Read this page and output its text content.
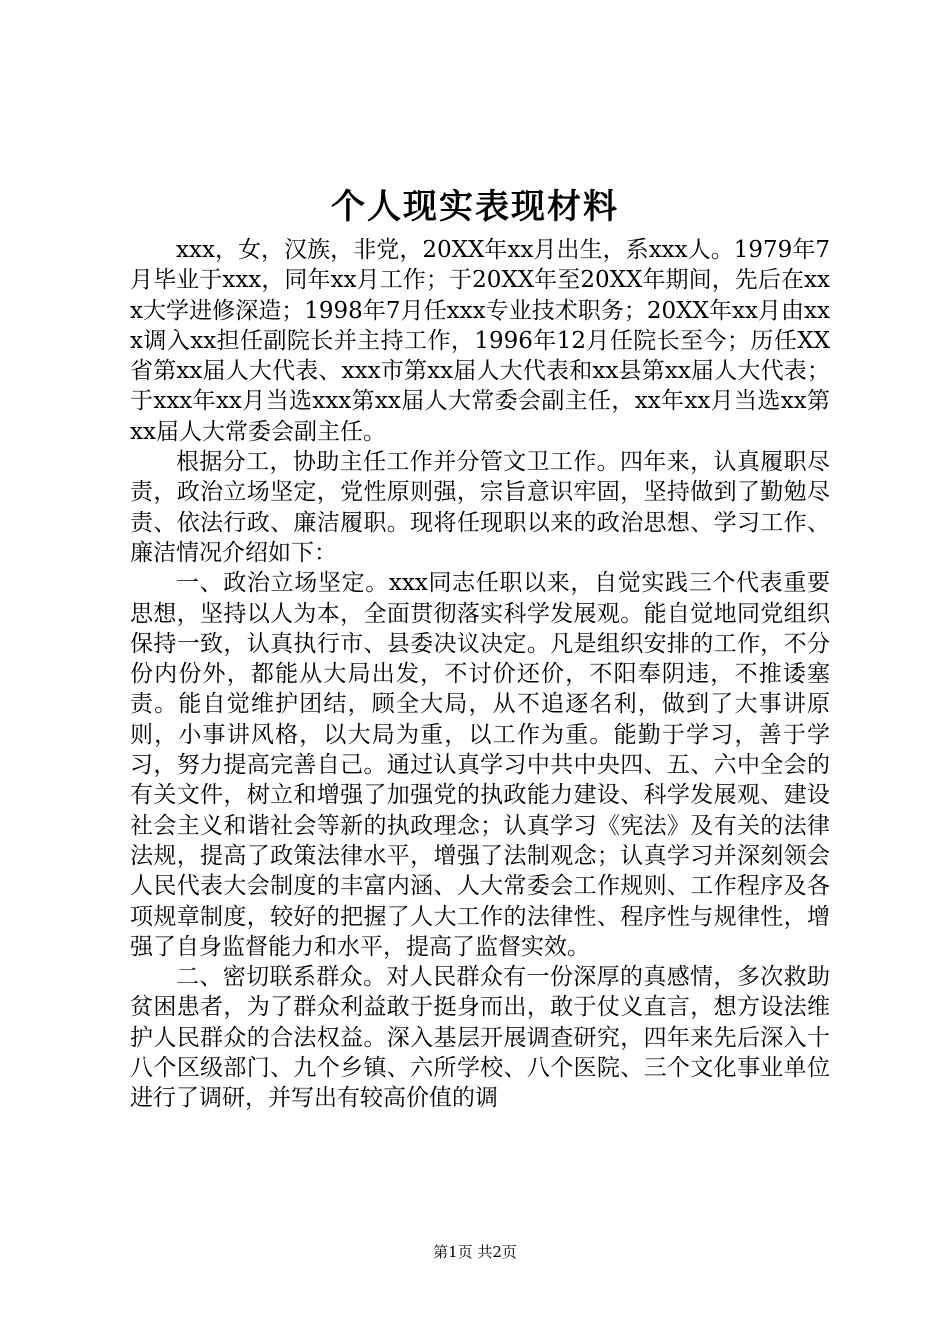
个人现实表现材料

xxx，女，汉族，非党，20XX年xx月出生，系xxx人。1979年7月毕业于xxx，同年xx月工作；于20XX年至20XX年期间，先后在xxx大学进修深造；1998年7月任xxx专业技术职务；20XX年xx月由xxx调入xx担任副院长并主持工作，1996年12月任院长至今；历任XX省第xx届人大代表、xxx市第xx届人大代表和xx县第xx届人大代表；于xxx年xx月当选xxx第xx届人大常委会副主任，xx年xx月当选xx第xx届人大常委会副主任。

根据分工，协助主任工作并分管文卫工作。四年来，认真履职尽责，政治立场坚定，党性原则强，宗旨意识牢固，坚持做到了勤勉尽责、依法行政、廉洁履职。现将任现职以来的政治思想、学习工作、廉洁情况介绍如下：

一、政治立场坚定。xxx同志任职以来，自觉实践三个代表重要思想，坚持以人为本，全面贯彻落实科学发展观。能自觉地同党组织保持一致，认真执行市、县委决议决定。凡是组织安排的工作，不分份内份外，都能从大局出发，不讨价还价，不阳奉阴违，不推诿塞责。能自觉维护团结，顾全大局，从不追逐名利，做到了大事讲原则，小事讲风格，以大局为重，以工作为重。能勤于学习，善于学习，努力提高完善自己。通过认真学习中共中央四、五、六中全会的有关文件，树立和增强了加强党的执政能力建设、科学发展观、建设社会主义和谐社会等新的执政理念；认真学习《宪法》及有关的法律法规，提高了政策法律水平，增强了法制观念；认真学习并深刻领会人民代表大会制度的丰富内涵、人大常委会工作规则、工作程序及各项规章制度，较好的把握了人大工作的法律性、程序性与规律性，增强了自身监督能力和水平，提高了监督实效。

二、密切联系群众。对人民群众有一份深厚的真感情，多次救助贫困患者，为了群众利益敢于挺身而出，敢于仗义直言，想方设法维护人民群众的合法权益。深入基层开展调查研究，四年来先后深入十八个区级部门、九个乡镇、六所学校、八个医院、三个文化事业单位进行了调研，并写出有较高价值的调

第1页 共2页
